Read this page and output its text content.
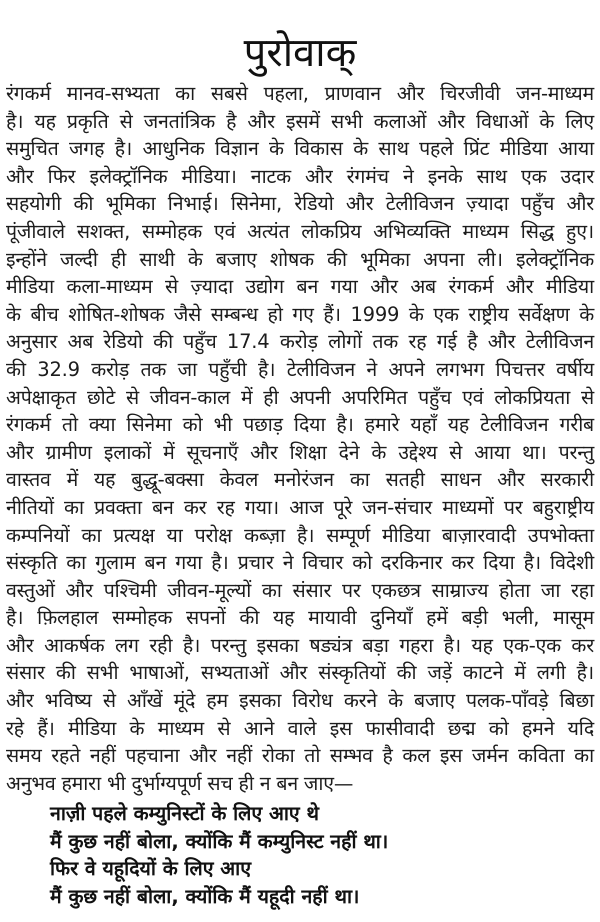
पुरोवाक्
रंगकर्म मानव-सभ्यता का सबसे पहला, प्राणवान और चिरजीवी जन-माध्यम
है। यह प्रकृति से जनतांत्रिक है और इसमें सभी कलाओं और विधाओं के लिए
समुचित जगह है। आधुनिक विज्ञान के विकास के साथ पहले प्रिंट मीडिया आया
और फिर इलेक्ट्रॉनिक मीडिया। नाटक और रंगमंच ने इनके साथ एक उदार
सहयोगी की भूमिका निभाई। सिनेमा, रेडियो और टेलीविजन ज़्यादा पहुँच और
पूंजीवाले सशक्त, सम्मोहक एवं अत्यंत लोकप्रिय अभिव्यक्ति माध्यम सिद्ध हुए।
इन्होंने जल्दी ही साथी के बजाए शोषक की भूमिका अपना ली। इलेक्ट्रॉनिक
मीडिया कला-माध्यम से ज़्यादा उद्योग बन गया और अब रंगकर्म और मीडिया
के बीच शोषित-शोषक जैसे सम्बन्ध हो गए हैं। 1999 के एक राष्ट्रीय सर्वेक्षण के
अनुसार अब रेडियो की पहुँच 17.4 करोड़ लोगों तक रह गई है और टेलीविजन
की 32.9 करोड़ तक जा पहुँची है। टेलीविजन ने अपने लगभग पिचत्तर वर्षीय
अपेक्षाकृत छोटे से जीवन-काल में ही अपनी अपरिमित पहुँच एवं लोकप्रियता से
रंगकर्म तो क्या सिनेमा को भी पछाड़ दिया है। हमारे यहाँ यह टेलीविजन गरीब
और ग्रामीण इलाकों में सूचनाएँ और शिक्षा देने के उद्देश्य से आया था। परन्तु
वास्तव में यह बुद्धू-बक्सा केवल मनोरंजन का सतही साधन और सरकारी
नीतियों का प्रवक्ता बन कर रह गया। आज पूरे जन-संचार माध्यमों पर बहुराष्ट्रीय
कम्पनियों का प्रत्यक्ष या परोक्ष कब्ज़ा है। सम्पूर्ण मीडिया बाज़ारवादी उपभोक्ता
संस्कृति का गुलाम बन गया है। प्रचार ने विचार को दरकिनार कर दिया है। विदेशी
वस्तुओं और पश्चिमी जीवन-मूल्यों का संसार पर एकछत्र साम्राज्य होता जा रहा
है। फ़िलहाल सम्मोहक सपनों की यह मायावी दुनियाँ हमें बड़ी भली, मासूम
और आकर्षक लग रही है। परन्तु इसका षड्यंत्र बड़ा गहरा है। यह एक-एक कर
संसार की सभी भाषाओं, सभ्यताओं और संस्कृतियों की जड़ें काटने में लगी है।
और भविष्य से आँखें मूंदे हम इसका विरोध करने के बजाए पलक-पाँवड़े बिछा
रहे हैं। मीडिया के माध्यम से आने वाले इस फासीवादी छद्म को हमने यदि
समय रहते नहीं पहचाना और नहीं रोका तो सम्भव है कल इस जर्मन कविता का
अनुभव हमारा भी दुर्भाग्यपूर्ण सच ही न बन जाए—
नाज़ी पहले कम्युनिस्टों के लिए आए थे
मैं कुछ नहीं बोला, क्योंकि मैं कम्युनिस्ट नहीं था।
फिर वे यहूदियों के लिए आए
मैं कुछ नहीं बोला, क्योंकि मैं यहूदी नहीं था।
